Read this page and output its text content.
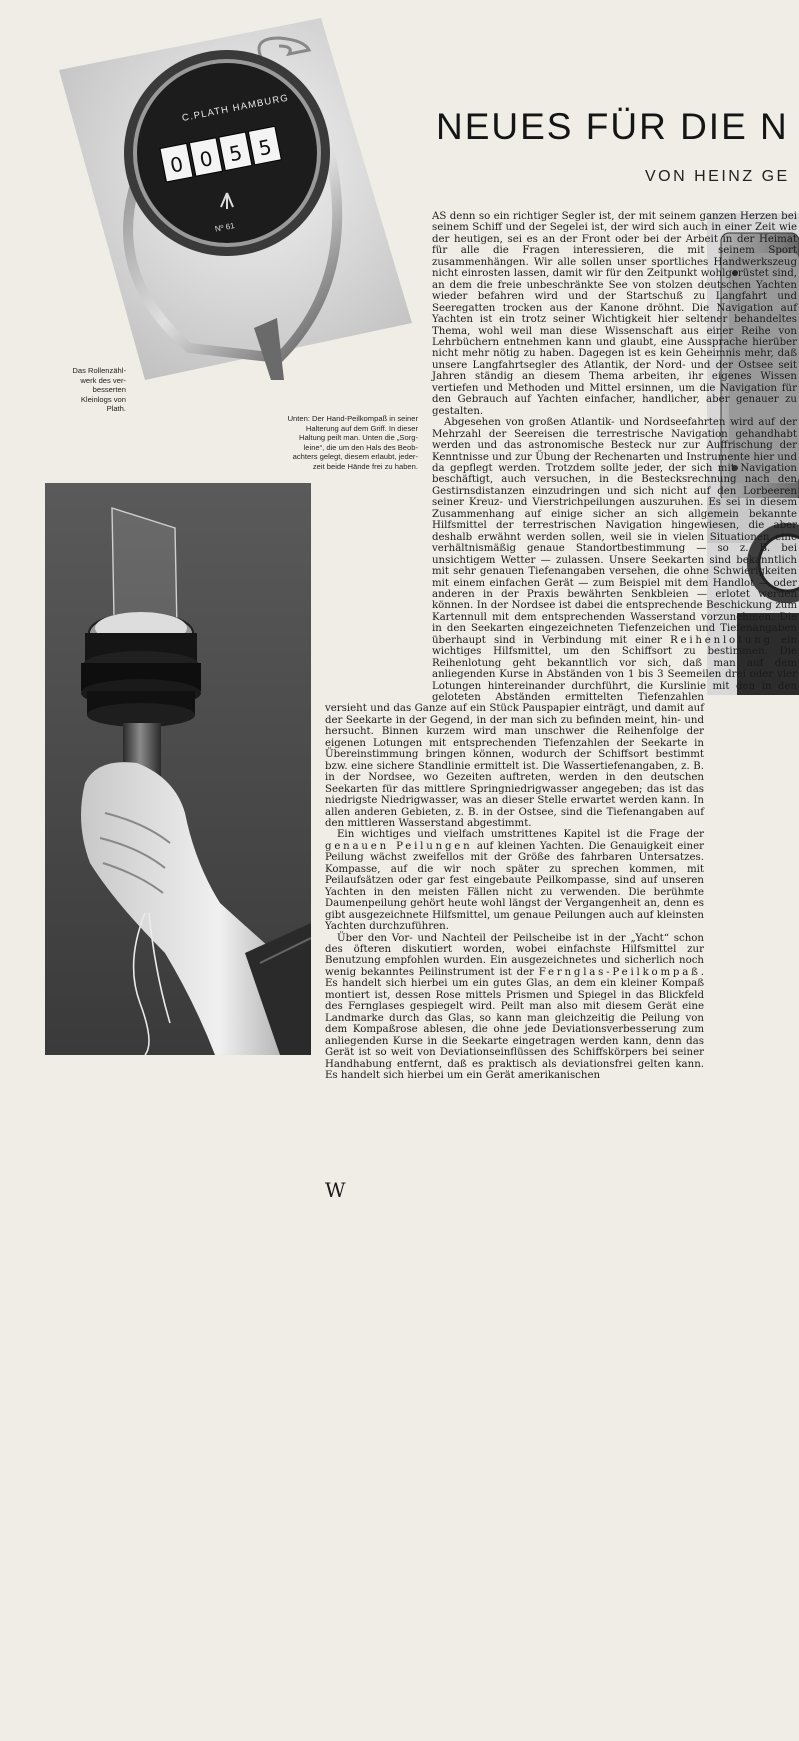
C.PLATH HAMBURG
0 0 5 5
Nº 61
Das Rollenzähl-
werk des ver-
besserten
Kleinlogs von
Plath.
Unten: Der Hand-Peilkompaß in seiner
Halterung auf dem Griff. In dieser
Haltung peilt man. Unten die „Sorg-
leine“, die um den Hals des Beob-
achters gelegt, diesem erlaubt, jeder-
zeit beide Hände frei zu haben.
NEUES FÜR DIE N
VON HEINZ GE

W
AS denn so ein richtiger Segler ist, der mit seinem ganzen Herzen bei seinem Schiff und der Segelei ist, der wird sich auch in einer Zeit wie der heutigen, sei es an der Front oder bei der Arbeit in der Heimat für alle die Fragen interessieren, die mit seinem Sport zusammenhängen. Wir alle sollen unser sportliches Handwerkszeug nicht einrosten lassen, damit wir für den Zeitpunkt wohlgerüstet sind, an dem die freie unbeschränkte See von stolzen deutschen Yachten wieder befahren wird und der Startschuß zu Langfahrt und Seeregatten trocken aus der Kanone dröhnt. Die Navigation auf Yachten ist ein trotz seiner Wichtigkeit hier seltener behandeltes Thema, wohl weil man diese Wissenschaft aus einer Reihe von Lehrbüchern entnehmen kann und glaubt, eine Aussprache hierüber nicht mehr nötig zu haben. Dagegen ist es kein Geheimnis mehr, daß unsere Langfahrtsegler des Atlantik, der Nord- und der Ostsee seit Jahren ständig an diesem Thema arbeiten, ihr eigenes Wissen vertiefen und Methoden und Mittel ersinnen, um die Navigation für den Gebrauch auf Yachten einfacher, handlicher, aber genauer zu gestalten.

Abgesehen von großen Atlantik- und Nordseefahrten wird auf der Mehrzahl der Seereisen die terrestrische Navigation gehandhabt werden und das astronomische Besteck nur zur Auffrischung der Kenntnisse und zur Übung der Rechenarten und Instrumente hier und da gepflegt werden. Trotzdem sollte jeder, der sich mit Navigation beschäftigt, auch versuchen, in die Bestecksrechnung nach den Gestirnsdistanzen einzudringen und sich nicht auf den Lorbeeren seiner Kreuz- und Vierstrichpeilungen auszuruhen. Es sei in diesem Zusammenhang auf einige sicher an sich allgemein bekannte Hilfsmittel der terrestrischen Navigation hingewiesen, die aber deshalb erwähnt werden sollen, weil sie in vielen Situationen eine verhältnismäßig genaue Standortbestimmung — so z. B. bei unsichtigem Wetter — zulassen. Unsere Seekarten sind bekanntlich mit sehr genauen Tiefenangaben versehen, die ohne Schwierigkeiten mit einem einfachen Gerät — zum Beispiel mit dem Handlot — oder anderen in der Praxis bewährten Senkbleien — erlotet werden können. In der Nordsee ist dabei die entsprechende Beschickung zum Kartennull mit dem entsprechenden Wasserstand vorzunehmen. Die in den Seekarten eingezeichneten Tiefenzeichen und Tiefenangaben überhaupt sind in Verbindung mit einer Reihenlotung ein wichtiges Hilfsmittel, um den Schiffsort zu bestimmen. Die Reihenlotung geht bekanntlich vor sich, daß man auf dem anliegenden Kurse in Abständen von 1 bis 3 Seemeilen drei oder vier Lotungen hintereinander durchführt, die Kurslinie mit den in den geloteten Abständen ermittelten Tiefenzahlen versieht und das Ganze auf ein Stück Pauspapier einträgt, und damit auf der Seekarte in der Gegend, in der man sich zu befinden meint, hin- und hersucht. Binnen kurzem wird man unschwer die Reihenfolge der eigenen Lotungen mit entsprechenden Tiefenzahlen der Seekarte in Übereinstimmung bringen können, wodurch der Schiffsort bestimmt bzw. eine sichere Standlinie ermittelt ist. Die Wassertiefenangaben, z. B. in der Nordsee, wo Gezeiten auftreten, werden in den deutschen Seekarten für das mittlere Springniedrigwasser angegeben; das ist das niedrigste Niedrigwasser, was an dieser Stelle erwartet werden kann. In allen anderen Gebieten, z. B. in der Ostsee, sind die Tiefenangaben auf den mittleren Wasserstand abgestimmt.

Ein wichtiges und vielfach umstrittenes Kapitel ist die Frage der genauen Peilungen auf kleinen Yachten. Die Genauigkeit einer Peilung wächst zweifellos mit der Größe des fahrbaren Untersatzes. Kompasse, auf die wir noch später zu sprechen kommen, mit Peilaufsätzen oder gar fest eingebaute Peilkompasse, sind auf unseren Yachten in den meisten Fällen nicht zu verwenden. Die berühmte Daumenpeilung gehört heute wohl längst der Vergangenheit an, denn es gibt ausgezeichnete Hilfsmittel, um genaue Peilungen auch auf kleinsten Yachten durchzuführen.

Über den Vor- und Nachteil der Peilscheibe ist in der „Yacht“ schon des öfteren diskutiert worden, wobei einfachste Hilfsmittel zur Benutzung empfohlen wurden. Ein ausgezeichnetes und sicherlich noch wenig bekanntes Peilinstrument ist der Fernglas-Peilkompaß. Es handelt sich hierbei um ein gutes Glas, an dem ein kleiner Kompaß montiert ist, dessen Rose mittels Prismen und Spiegel in das Blickfeld des Fernglases gespiegelt wird. Peilt man also mit diesem Gerät eine Landmarke durch das Glas, so kann man gleichzeitig die Peilung von dem Kompaßrose ablesen, die ohne jede Deviationsverbesserung zum anliegenden Kurse in die Seekarte eingetragen werden kann, denn das Gerät ist so weit von Deviationseinflüssen des Schiffskörpers bei seiner Handhabung entfernt, daß es praktisch als deviationsfrei gelten kann. Es handelt sich hierbei um ein Gerät amerikanischen
